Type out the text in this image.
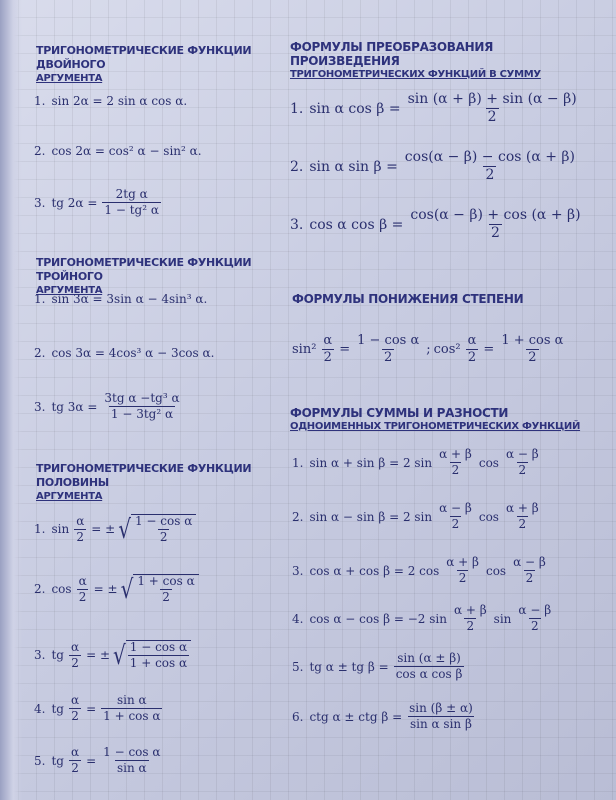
ТРИГОНОМЕТРИЧЕСКИЕ ФУНКЦИИ ДВОЙНОГО
АРГУМЕНТА
1. sin 2α = 2 sin α cos α.
2. cos 2α = cos² α − sin² α.
3. tg $2\alpha = \frac{\text{2tg α}}{\text{1 − tg² α}}$
ТРИГОНОМЕТРИЧЕСКИЕ ФУНКЦИИ ТРОЙНОГО
АРГУМЕНТА
1. sin 3α = 3sin α − 4sin³ α.
2. cos 3α = 4cos³ α − 3cos α.
3. tg $3\alpha = \frac{\text{3tg α −tg³ α}}{\text{1 − 3tg² α}}$
ТРИГОНОМЕТРИЧЕСКИЕ ФУНКЦИИ ПОЛОВИНЫ
АРГУМЕНТА
1. $\sin \frac{\alpha}{2}$ = ± √ $\frac{\text{1 − cos α}}{2}$
2. $\cos \frac{\alpha}{2}$ = ± √ $\frac{\text{1 + cos α}}{2}$
3. tg $\frac{\alpha}{2}$ = ± √ $\frac{\text{1 − cos α}}{\text{1 + cos α}}$
4. tg $\frac{\alpha}{2} = \frac{\text{sin α}}{\text{1 + cos α}}$
5. tg $\frac{\alpha}{2} = \frac{\text{1 − cos α}}{\text{sin α}}$
ФОРМУЛЫ ПРЕОБРАЗОВАНИЯ ПРОИЗВЕДЕНИЯ
ТРИГОНОМЕТРИЧЕСКИХ ФУНКЦИЙ В СУММУ
1. sin α $\cos \beta = \frac{\sin (\alpha + \beta) + \sin (\alpha - \beta)}{2}$
2. sin α $\sin \beta = \frac{\cos(\alpha - \beta) - \cos (\alpha + \beta)}{2}$
3. cos α $\cos \beta = \frac{\cos(\alpha - \beta) + \cos (\alpha + \beta)}{2}$
ФОРМУЛЫ ПОНИЖЕНИЯ СТЕПЕНИ
$\sin^2 \frac{\alpha}{2} = \frac{\text{1 − cos α}}{2}$ ; $\cos^2 \frac{\alpha}{2} = \frac{\text{1 + cos α}}{2}$
ФОРМУЛЫ СУММЫ И РАЗНОСТИ
ОДНОИМЕННЫХ ТРИГОНОМЕТРИЧЕСКИХ ФУНКЦИЙ
1. sin α + sin β = 2 $\sin \frac{\alpha + \beta}{2}$ $\cos \frac{\alpha - \beta}{2}$
2. sin α − sin β = 2 $\sin \frac{\alpha - \beta}{2}$ $\cos \frac{\alpha + \beta}{2}$
3. cos α + cos β = 2 $\cos \frac{\alpha + \beta}{2}$ $\cos \frac{\alpha - \beta}{2}$
4. cos α − cos β = −2 $\sin \frac{\alpha + \beta}{2}$ $\sin \frac{\alpha - \beta}{2}$
5. tg α ± tg $\beta = \frac{\sin (\alpha \pm \beta)}{\text{cos α cos β}}$
6. ctg α ± ctg $\beta = \frac{\sin (\beta \pm \alpha)}{\text{sin α sin β}}$
